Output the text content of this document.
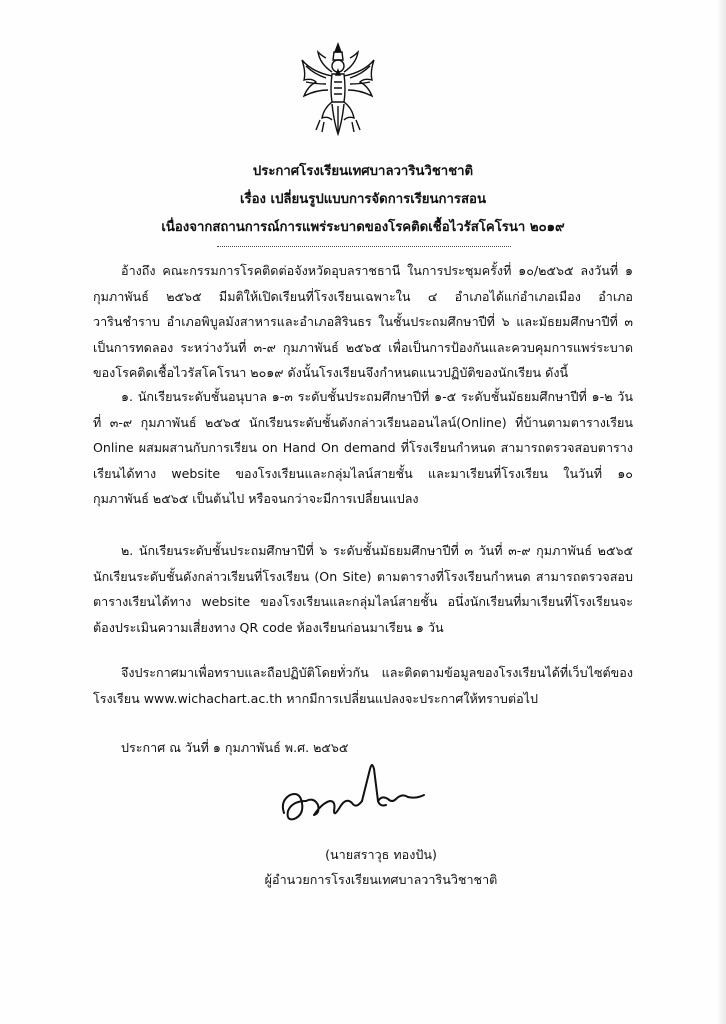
ประกาศโรงเรียนเทศบาลวารินวิชาชาติ
เรื่อง เปลี่ยนรูปแบบการจัดการเรียนการสอน
เนื่องจากสถานการณ์การแพร่ระบาดของโรคติดเชื้อไวรัสโคโรนา ๒๐๑๙
อ้างถึง คณะกรรมการโรคติดต่อจังหวัดอุบลราชธานี ในการประชุมครั้งที่ ๑๐/๒๕๖๕ ลงวันที่ ๑ กุมภาพันธ์ ๒๕๖๕ มีมติให้เปิดเรียนที่โรงเรียนเฉพาะใน ๔ อำเภอได้แก่อำเภอเมือง อำเภอวารินชำราบ อำเภอพิบูลมังสาหารและอำเภอสิรินธร ในชั้นประถมศึกษาปีที่ ๖ และมัธยมศึกษาปีที่ ๓ เป็นการทดลอง ระหว่างวันที่ ๓-๙ กุมภาพันธ์ ๒๕๖๕ เพื่อเป็นการป้องกันและควบคุมการแพร่ระบาดของโรคติดเชื้อไวรัสโคโรนา ๒๐๑๙ ดังนั้นโรงเรียนจึงกำหนดแนวปฏิบัติของนักเรียน ดังนี้
๑. นักเรียนระดับชั้นอนุบาล ๑-๓ ระดับชั้นประถมศึกษาปีที่ ๑-๕ ระดับชั้นมัธยมศึกษาปีที่ ๑-๒ วันที่ ๓-๙ กุมภาพันธ์ ๒๕๖๕ นักเรียนระดับชั้นดังกล่าวเรียนออนไลน์(Online) ที่บ้านตามตารางเรียน Online ผสมผสานกับการเรียน on Hand On demand ที่โรงเรียนกำหนด สามารถตรวจสอบตารางเรียนได้ทาง website ของโรงเรียนและกลุ่มไลน์สายชั้น และมาเรียนที่โรงเรียน ในวันที่ ๑๐ กุมภาพันธ์ ๒๕๖๕ เป็นต้นไป หรือจนกว่าจะมีการเปลี่ยนแปลง
๒. นักเรียนระดับชั้นประถมศึกษาปีที่ ๖ ระดับชั้นมัธยมศึกษาปีที่ ๓ วันที่ ๓-๙ กุมภาพันธ์ ๒๕๖๕ นักเรียนระดับชั้นดังกล่าวเรียนที่โรงเรียน (On Site) ตามตารางที่โรงเรียนกำหนด สามารถตรวจสอบตารางเรียนได้ทาง website ของโรงเรียนและกลุ่มไลน์สายชั้น อนึ่งนักเรียนที่มาเรียนที่โรงเรียนจะต้องประเมินความเสี่ยงทาง QR code ห้องเรียนก่อนมาเรียน ๑ วัน
จึงประกาศมาเพื่อทราบและถือปฏิบัติโดยทั่วกัน และติดตามข้อมูลของโรงเรียนได้ที่เว็บไซต์ของโรงเรียน www.wichachart.ac.th หากมีการเปลี่ยนแปลงจะประกาศให้ทราบต่อไป
ประกาศ ณ วันที่ ๑ กุมภาพันธ์ พ.ศ. ๒๕๖๕
(นายสราวุธ ทองปัน)
ผู้อำนวยการโรงเรียนเทศบาลวารินวิชาชาติ
